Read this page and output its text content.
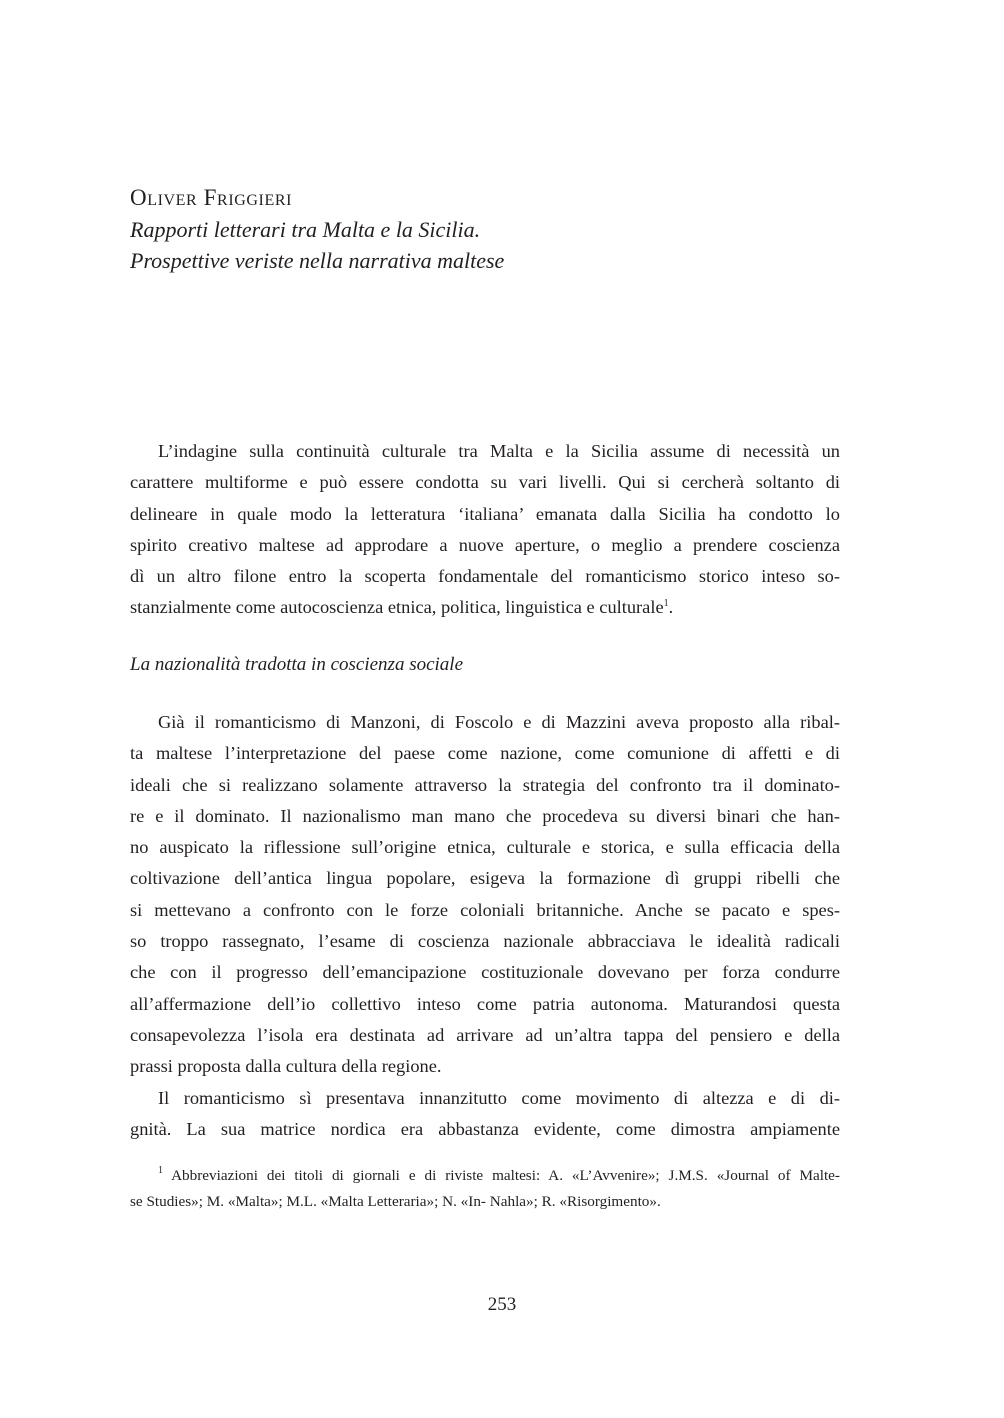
Oliver Friggieri
Rapporti letterari tra Malta e la Sicilia.
Prospettive veriste nella narrativa maltese
L’indagine sulla continuità culturale tra Malta e la Sicilia assume di necessità un
carattere multiforme e può essere condotta su vari livelli. Qui si cercherà soltanto di
delineare in quale modo la letteratura ‘italiana’ emanata dalla Sicilia ha condotto lo
spirito creativo maltese ad approdare a nuove aperture, o meglio a prendere coscienza
dì un altro filone entro la scoperta fondamentale del romanticismo storico inteso so-
stanzialmente come autocoscienza etnica, politica, linguistica e culturale$^1$.
La nazionalità tradotta in coscienza sociale
Già il romanticismo di Manzoni, di Foscolo e di Mazzini aveva proposto alla ribal-
ta maltese l’interpretazione del paese come nazione, come comunione di affetti e di
ideali che si realizzano solamente attraverso la strategia del confronto tra il dominato-
re e il dominato. Il nazionalismo man mano che procedeva su diversi binari che han-
no auspicato la riflessione sull’origine etnica, culturale e storica, e sulla efficacia della
coltivazione dell’antica lingua popolare, esigeva la formazione dì gruppi ribelli che
si mettevano a confronto con le forze coloniali britanniche. Anche se pacato e spes-
so troppo rassegnato, l’esame di coscienza nazionale abbracciava le idealità radicali
che con il progresso dell’emancipazione costituzionale dovevano per forza condurre
all’affermazione dell’io collettivo inteso come patria autonoma. Maturandosi questa
consapevolezza l’isola era destinata ad arrivare ad un’altra tappa del pensiero e della
prassi proposta dalla cultura della regione.
Il romanticismo sì presentava innanzitutto come movimento di altezza e di di-
gnità. La sua matrice nordica era abbastanza evidente, come dimostra ampiamente
$^1$ Abbreviazioni dei titoli di giornali e di riviste maltesi: A. «L’Avvenire»; J.M.S. «Journal of Malte-
se Studies»; M. «Malta»; M.L. «Malta Letteraria»; N. «In- Nahla»; R. «Risorgimento».
253
